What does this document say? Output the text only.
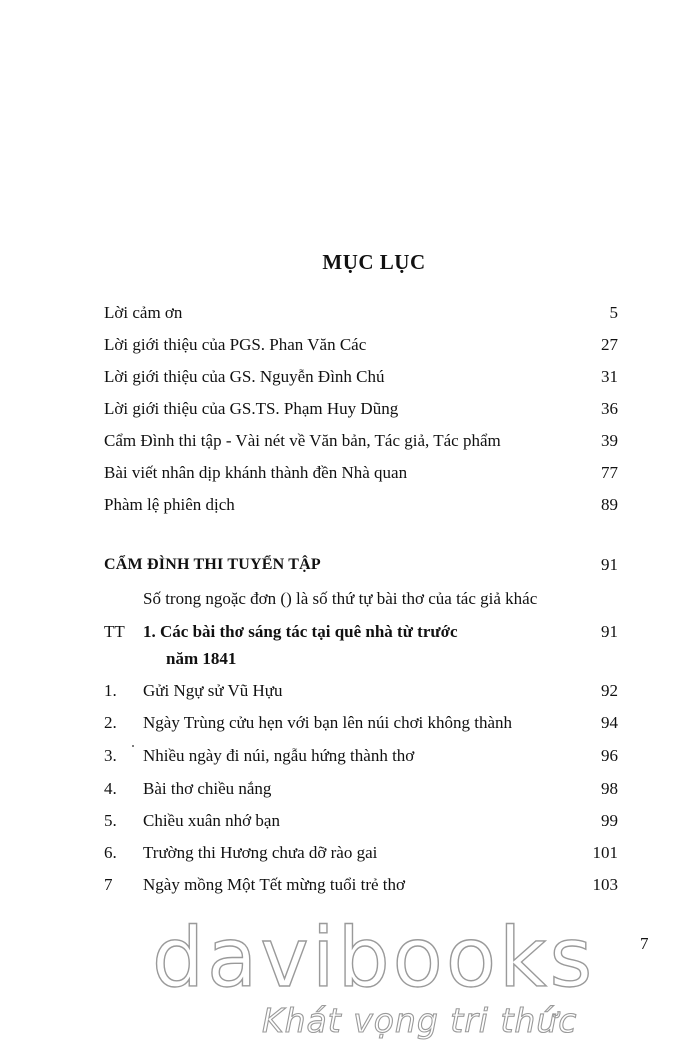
MỤC LỤC
Lời cảm ơn	5
Lời giới thiệu của PGS. Phan Văn Các	27
Lời giới thiệu của GS. Nguyễn Đình Chú	31
Lời giới thiệu của GS.TS. Phạm Huy Dũng	36
Cẩm Đình thi tập - Vài nét về Văn bản, Tác giả, Tác phẩm	39
Bài viết nhân dịp khánh thành đền Nhà quan	77
Phàm lệ phiên dịch	89
CẨM ĐÌNH THI TUYỂN TẬP	91
Số trong ngoặc đơn () là số thứ tự bài thơ của tác giả khác
TT 1. Các bài thơ sáng tác tại quê nhà từ trước	91
năm 1841
1. Gửi Ngự sử Vũ Hựu	92
2. Ngày Trùng cửu hẹn với bạn lên núi chơi không thành	94
3. Nhiều ngày đi núi, ngẫu hứng thành thơ	96
4. Bài thơ chiều nắng	98
5. Chiều xuân nhớ bạn	99
6. Trường thi Hương chưa dỡ rào gai	101
7 Ngày mồng Một Tết mừng tuổi trẻ thơ	103
7
davibooks
Khát vọng tri thức
